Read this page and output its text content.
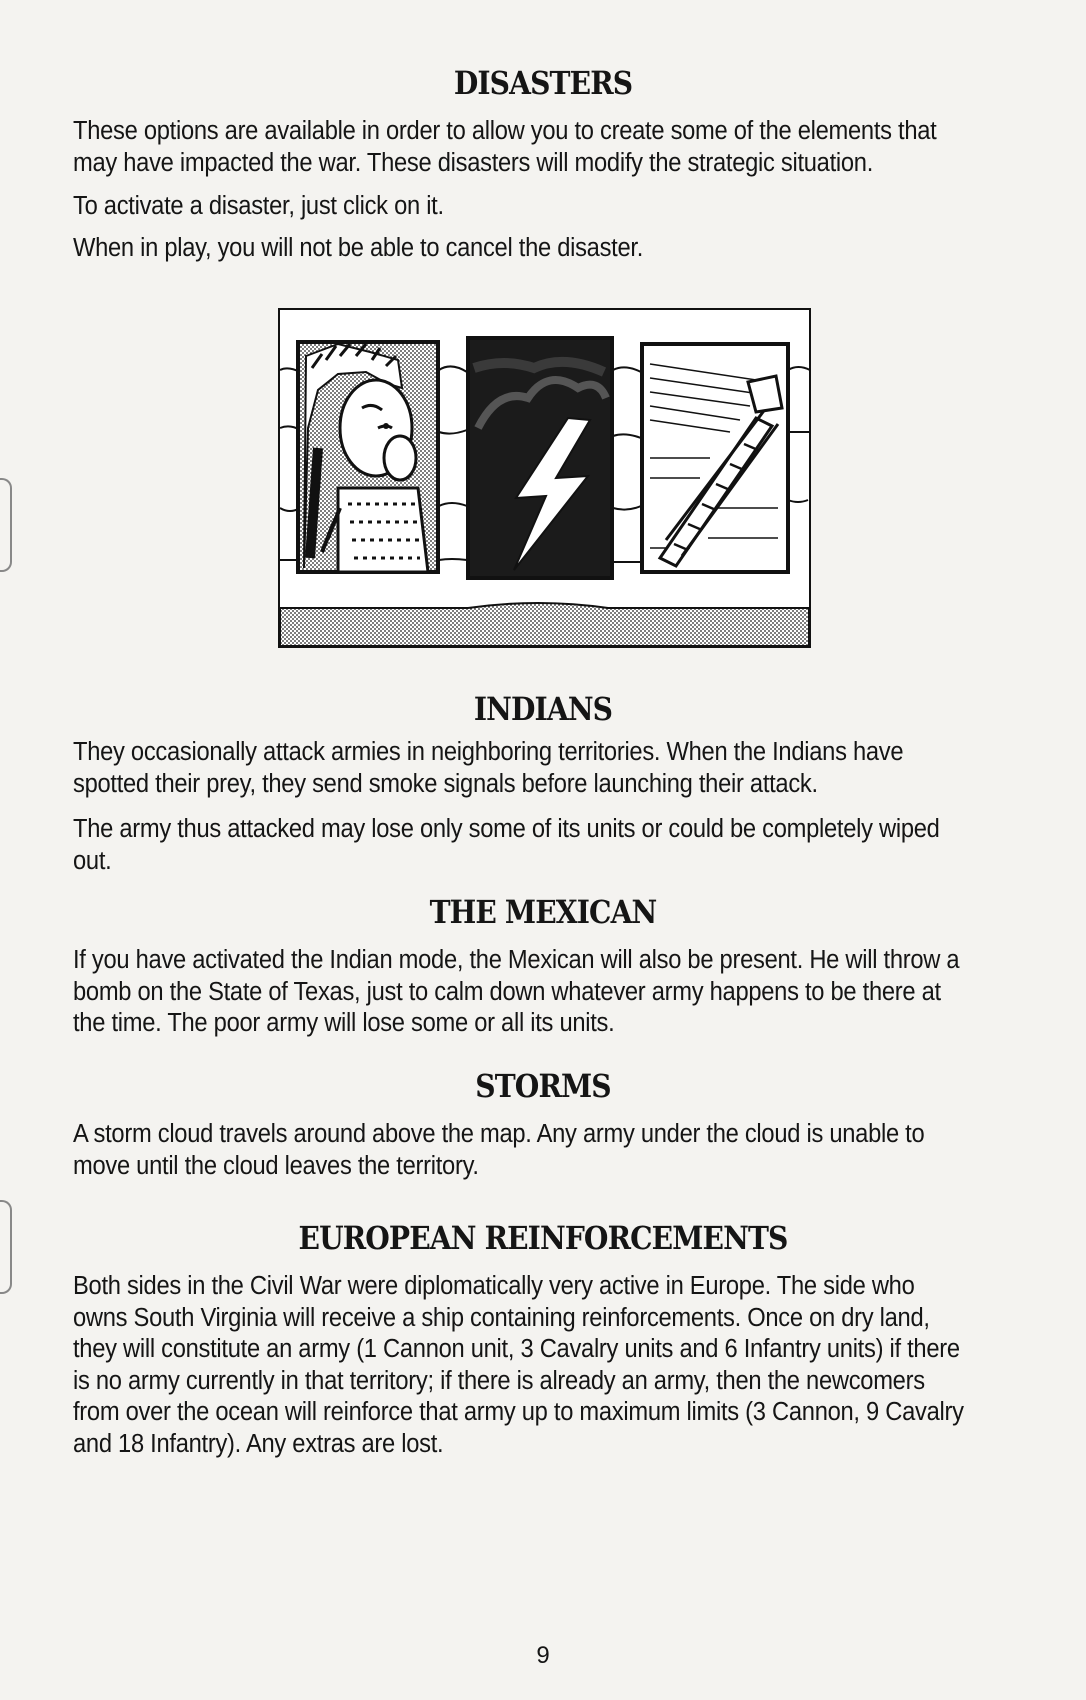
DISASTERS

These options are available in order to allow you to create some of the elements that may have impacted the war. These disasters will modify the strategic situation.

To activate a disaster, just click on it.

When in play, you will not be able to cancel the disaster.

INDIANS

They occasionally attack armies in neighboring territories. When the Indians have spotted their prey, they send smoke signals before launching their attack.

The army thus attacked may lose only some of its units or could be completely wiped out.

THE MEXICAN

If you have activated the Indian mode, the Mexican will also be present. He will throw a bomb on the State of Texas, just to calm down whatever army happens to be there at the time. The poor army will lose some or all its units.

STORMS

A storm cloud travels around above the map. Any army under the cloud is unable to move until the cloud leaves the territory.

EUROPEAN REINFORCEMENTS

Both sides in the Civil War were diplomatically very active in Europe. The side who owns South Virginia will receive a ship containing reinforcements. Once on dry land, they will constitute an army (1 Cannon unit, 3 Cavalry units and 6 Infantry units) if there is no army currently in that territory; if there is already an army, then the newcomers from over the ocean will reinforce that army up to maximum limits (3 Cannon, 9 Cavalry and 18 Infantry). Any extras are lost.

9
